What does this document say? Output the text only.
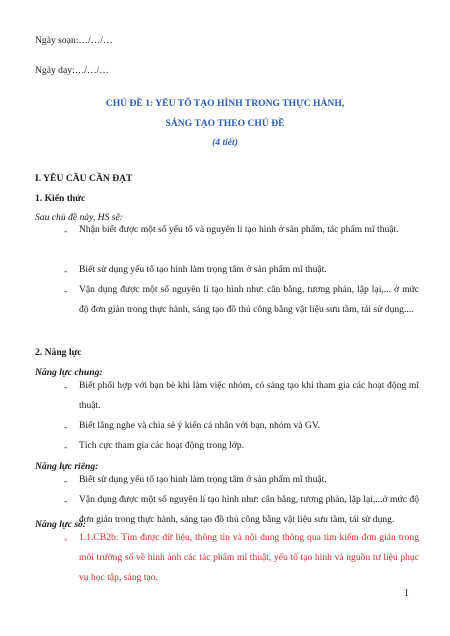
Ngày soạn:…/…/…
Ngày dạy:…/…/…
CHỦ ĐỀ 1: YẾU TỐ TẠO HÌNH TRONG THỰC HÀNH,
SÁNG TẠO THEO CHỦ ĐỀ
(4 tiết)
I. YÊU CẦU CẦN ĐẠT
1. Kiến thức
Sau chủ đề này, HS sẽ:
- Nhận biết được một số yếu tố và nguyên lí tạo hình ở sản phẩm, tác phẩm mĩ thuật.
- Biết sử dụng yếu tố tạo hình làm trọng tâm ở sản phẩm mĩ thuật.
- Vận dụng được một số nguyên lí tạo hình như: cân bằng, tương phản, lặp lại,... ở mức độ đơn giản trong thực hành, sáng tạo đồ thủ công bằng vật liệu sưu tầm, tái sử dụng....
2. Năng lực
Năng lực chung:
- Biết phối hợp với bạn bè khi làm việc nhóm, có sáng tạo khi tham gia các hoạt động mĩ thuật.
- Biết lắng nghe và chia sẻ ý kiến cá nhân với bạn, nhóm và GV.
- Tích cực tham gia các hoạt động trong lớp.
Năng lực riêng:
- Biết sử dụng yếu tố tạo hình làm trọng tâm ở sản phẩm mĩ thuật.
- Vận dụng được một số nguyên lí tạo hình như: cân bằng, tương phản, lặp lại,...ở mức độ đơn giản trong thực hành, sáng tạo đồ thủ công bằng vật liệu sưu tầm, tái sử dụng.
Năng lực số:
- 1.1.CB2b: Tìm được dữ liệu, thông tin và nội dung thông qua tìm kiếm đơn giản trong môi trường số về hình ảnh các tác phẩm mĩ thuật, yếu tố tạo hình và nguồn tư liệu phục vụ học tập, sáng tạo.
1
